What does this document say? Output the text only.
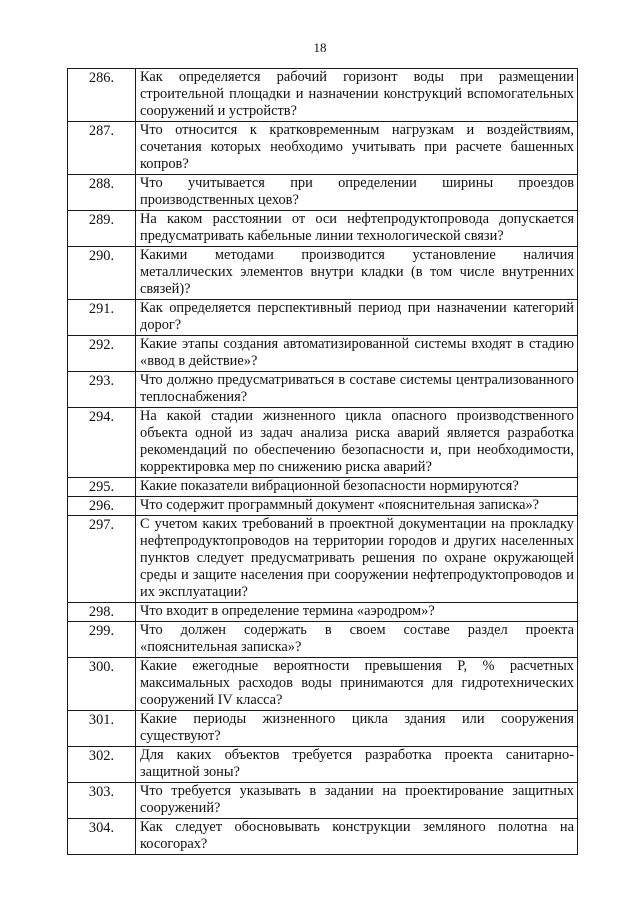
18
286.	Как определяется рабочий горизонт воды при размещении строительной площадки и назначении конструкций вспомогательных сооружений и устройств?
287.	Что относится к кратковременным нагрузкам и воздействиям, сочетания которых необходимо учитывать при расчете башенных копров?
288.	Что учитывается при определении ширины проездов производственных цехов?
289.	На каком расстоянии от оси нефтепродуктопровода допускается предусматривать кабельные линии технологической связи?
290.	Какими методами производится установление наличия металлических элементов внутри кладки (в том числе внутренних связей)?
291.	Как определяется перспективный период при назначении категорий дорог?
292.	Какие этапы создания автоматизированной системы входят в стадию «ввод в действие»?
293.	Что должно предусматриваться в составе системы централизованного теплоснабжения?
294.	На какой стадии жизненного цикла опасного производственного объекта одной из задач анализа риска аварий является разработка рекомендаций по обеспечению безопасности и, при необходимости, корректировка мер по снижению риска аварий?
295.	Какие показатели вибрационной безопасности нормируются?
296.	Что содержит программный документ «пояснительная записка»?
297.	С учетом каких требований в проектной документации на прокладку нефтепродуктопроводов на территории городов и других населенных пунктов следует предусматривать решения по охране окружающей среды и защите населения при сооружении нефтепродуктопроводов и их эксплуатации?
298.	Что входит в определение термина «аэродром»?
299.	Что должен содержать в своем составе раздел проекта «пояснительная записка»?
300.	Какие ежегодные вероятности превышения Р, % расчетных максимальных расходов воды принимаются для гидротехнических сооружений IV класса?
301.	Какие периоды жизненного цикла здания или сооружения существуют?
302.	Для каких объектов требуется разработка проекта санитарно-защитной зоны?
303.	Что требуется указывать в задании на проектирование защитных сооружений?
304.	Как следует обосновывать конструкции земляного полотна на косогорах?
